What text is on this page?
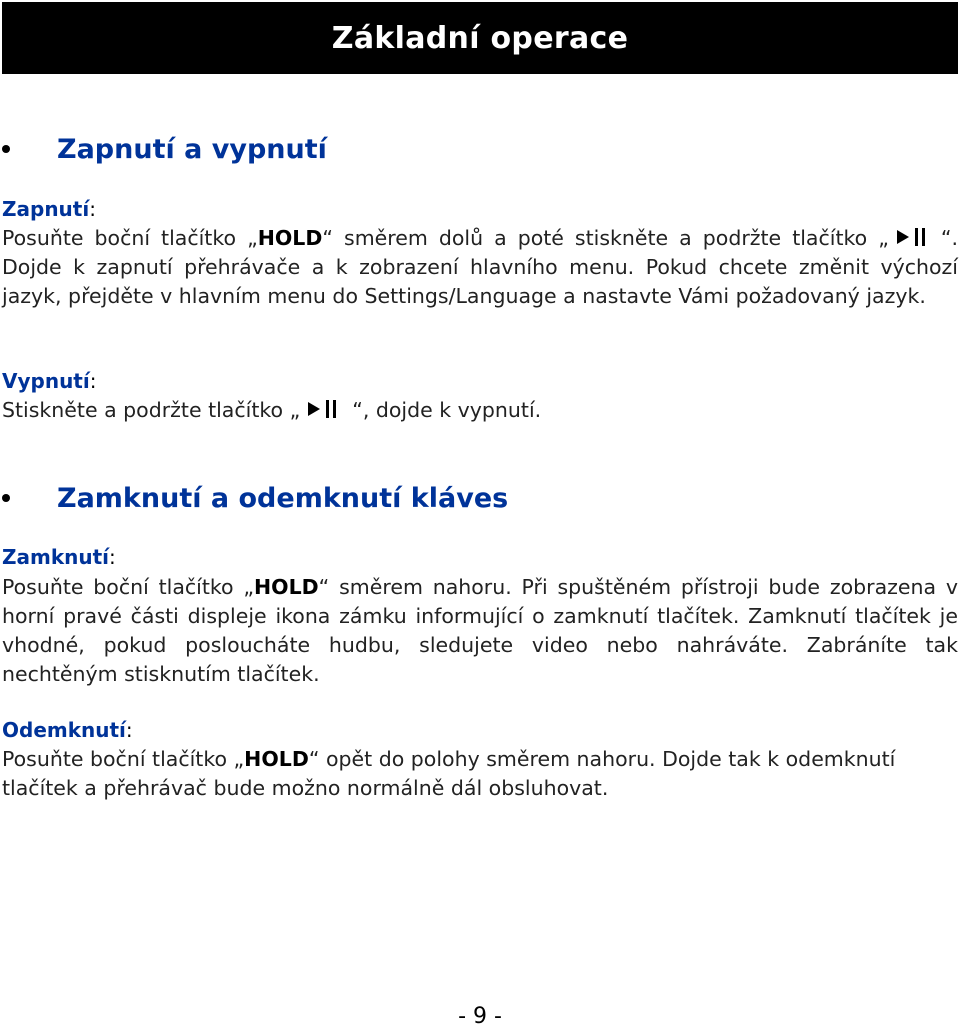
Základní operace
Zapnutí a vypnutí
Zapnutí:
Posuňte boční tlačítko „HOLD“ směrem dolů a poté stiskněte a podržte tlačítko „	“. Dojde k zapnutí přehrávače a k zobrazení hlavního menu. Pokud chcete změnit výchozí jazyk, přejděte v hlavním menu do Settings/Language a nastavte Vámi požadovaný jazyk.
Vypnutí:
Stiskněte a podržte tlačítko „	“, dojde k vypnutí.
Zamknutí a odemknutí kláves
Zamknutí:
Posuňte boční tlačítko „HOLD“ směrem nahoru. Při spuštěném přístroji bude zobrazena v horní pravé části displeje ikona zámku informující o zamknutí tlačítek. Zamknutí tlačítek je vhodné, pokud posloucháte hudbu, sledujete video nebo nahráváte. Zabráníte tak nechtěným stisknutím tlačítek.
Odemknutí:
Posuňte boční tlačítko „HOLD“ opět do polohy směrem nahoru. Dojde tak k odemknutí tlačítek a přehrávač bude možno normálně dál obsluhovat.
- 9 -
